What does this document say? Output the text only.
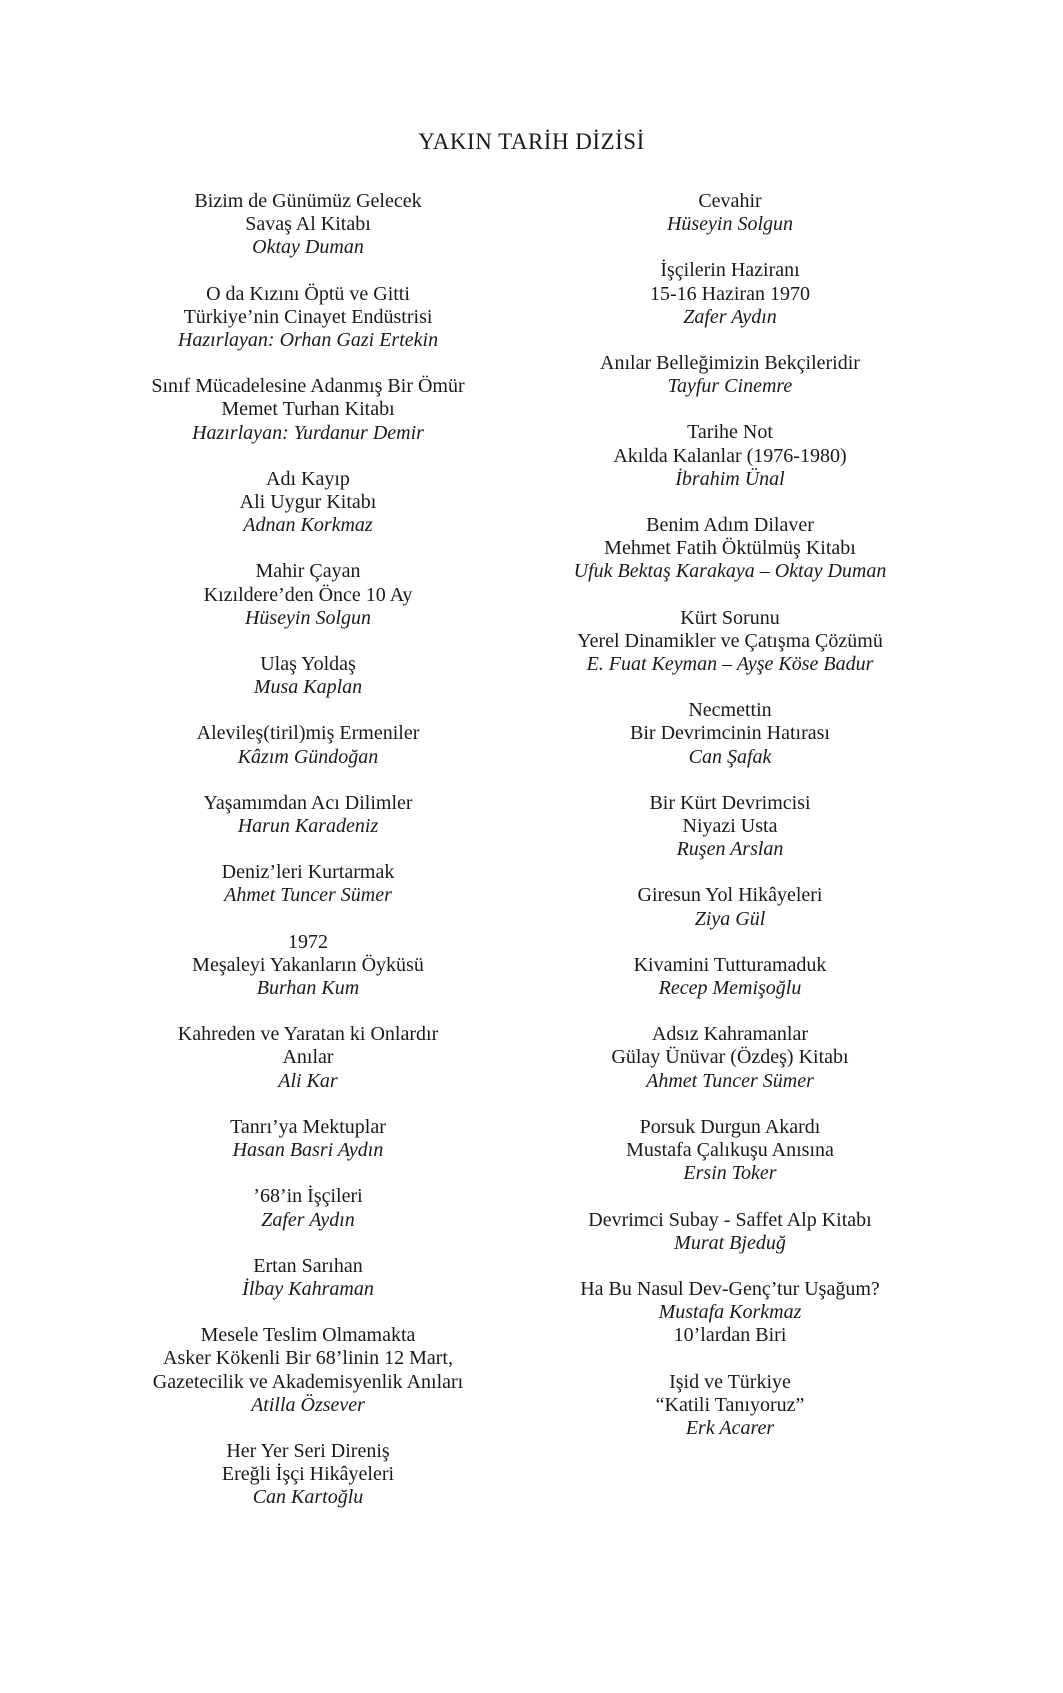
YAKIN TARİH DİZİSİ
Bizim de Günümüz Gelecek
Savaş Al Kitabı
Oktay Duman
O da Kızını Öptü ve Gitti
Türkiye’nin Cinayet Endüstrisi
Hazırlayan: Orhan Gazi Ertekin
Sınıf Mücadelesine Adanmış Bir Ömür
Memet Turhan Kitabı
Hazırlayan: Yurdanur Demir
Adı Kayıp
Ali Uygur Kitabı
Adnan Korkmaz
Mahir Çayan
Kızıldere’den Önce 10 Ay
Hüseyin Solgun
Ulaş Yoldaş
Musa Kaplan
Alevileş(tiril)miş Ermeniler
Kâzım Gündoğan
Yaşamımdan Acı Dilimler
Harun Karadeniz
Deniz’leri Kurtarmak
Ahmet Tuncer Sümer
1972
Meşaleyi Yakanların Öyküsü
Burhan Kum
Kahreden ve Yaratan ki Onlardır
Anılar
Ali Kar
Tanrı’ya Mektuplar
Hasan Basri Aydın
’68’in İşçileri
Zafer Aydın
Ertan Sarıhan
İlbay Kahraman
Mesele Teslim Olmamakta
Asker Kökenli Bir 68’linin 12 Mart,
Gazetecilik ve Akademisyenlik Anıları
Atilla Özsever
Her Yer Seri Direniş
Ereğli İşçi Hikâyeleri
Can Kartoğlu
Cevahir
Hüseyin Solgun
İşçilerin Haziranı
15-16 Haziran 1970
Zafer Aydın
Anılar Belleğimizin Bekçileridir
Tayfur Cinemre
Tarihe Not
Akılda Kalanlar (1976-1980)
İbrahim Ünal
Benim Adım Dilaver
Mehmet Fatih Öktülmüş Kitabı
Ufuk Bektaş Karakaya – Oktay Duman
Kürt Sorunu
Yerel Dinamikler ve Çatışma Çözümü
E. Fuat Keyman – Ayşe Köse Badur
Necmettin
Bir Devrimcinin Hatırası
Can Şafak
Bir Kürt Devrimcisi
Niyazi Usta
Ruşen Arslan
Giresun Yol Hikâyeleri
Ziya Gül
Kivamini Tutturamaduk
Recep Memişoğlu
Adsız Kahramanlar
Gülay Ünüvar (Özdeş) Kitabı
Ahmet Tuncer Sümer
Porsuk Durgun Akardı
Mustafa Çalıkuşu Anısına
Ersin Toker
Devrimci Subay - Saffet Alp Kitabı
Murat Bjeduğ
Ha Bu Nasul Dev-Genç’tur Uşağum?
Mustafa Korkmaz
10’lardan Biri
Işid ve Türkiye
“Katili Tanıyoruz”
Erk Acarer
